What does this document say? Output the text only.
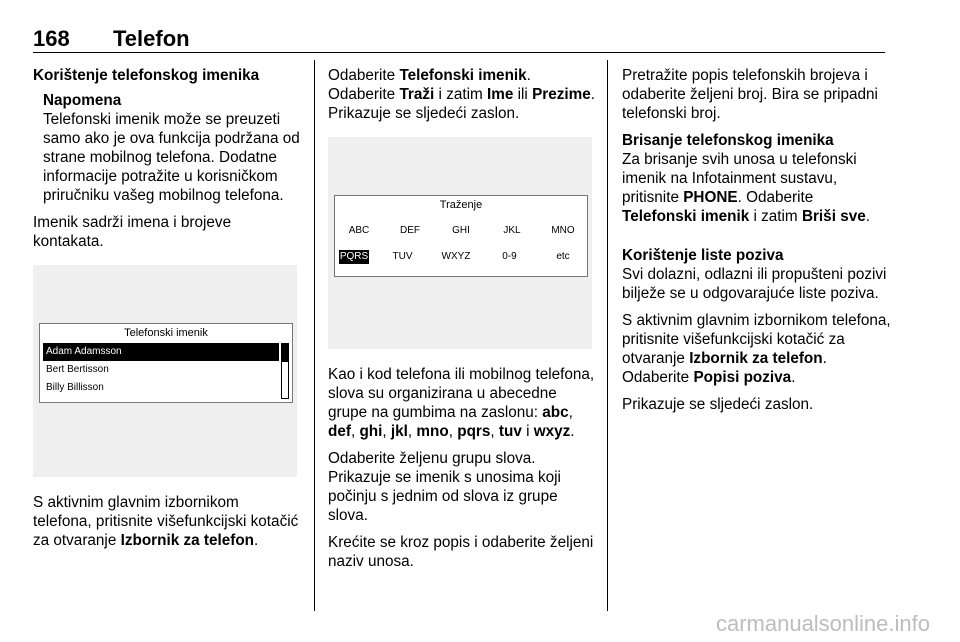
168 Telefon
Korištenje telefonskog imenika
Napomena
Telefonski imenik može se preuzeti samo ako je ova funkcija podržana od strane mobilnog telefona. Dodatne informacije potražite u korisničkom priručniku vašeg mobilnog telefona.

Imenik sadrži imena i brojeve kontakata.

Telefonski imenik
Adam Adamsson
Bert Bertisson
Billy Billisson

S aktivnim glavnim izbornikom telefona, pritisnite višefunkcijski kotačić za otvaranje Izbornik za telefon.

Odaberite Telefonski imenik. Odaberite Traži i zatim Ime ili Prezime. Prikazuje se sljedeći zaslon.

Traženje
ABC	DEF	GHI	JKL	MNO
PQRS	TUV	WXYZ	0-9	etc

Kao i kod telefona ili mobilnog telefona, slova su organizirana u abecedne grupe na gumbima na zaslonu: abc, def, ghi, jkl, mno, pqrs, tuv i wxyz.

Odaberite željenu grupu slova. Prikazuje se imenik s unosima koji počinju s jednim od slova iz grupe slova.

Krećite se kroz popis i odaberite željeni naziv unosa.

Pretražite popis telefonskih brojeva i odaberite željeni broj. Bira se pripadni telefonski broj.

Brisanje telefonskog imenika

Za brisanje svih unosa u telefonski imenik na Infotainment sustavu, pritisnite PHONE. Odaberite Telefonski imenik i zatim Briši sve.

Korištenje liste poziva

Svi dolazni, odlazni ili propušteni pozivi bilježe se u odgovarajuće liste poziva.

S aktivnim glavnim izbornikom telefona, pritisnite višefunkcijski kotačić za otvaranje Izbornik za telefon. Odaberite Popisi poziva.

Prikazuje se sljedeći zaslon.

carmanualsonline.info
